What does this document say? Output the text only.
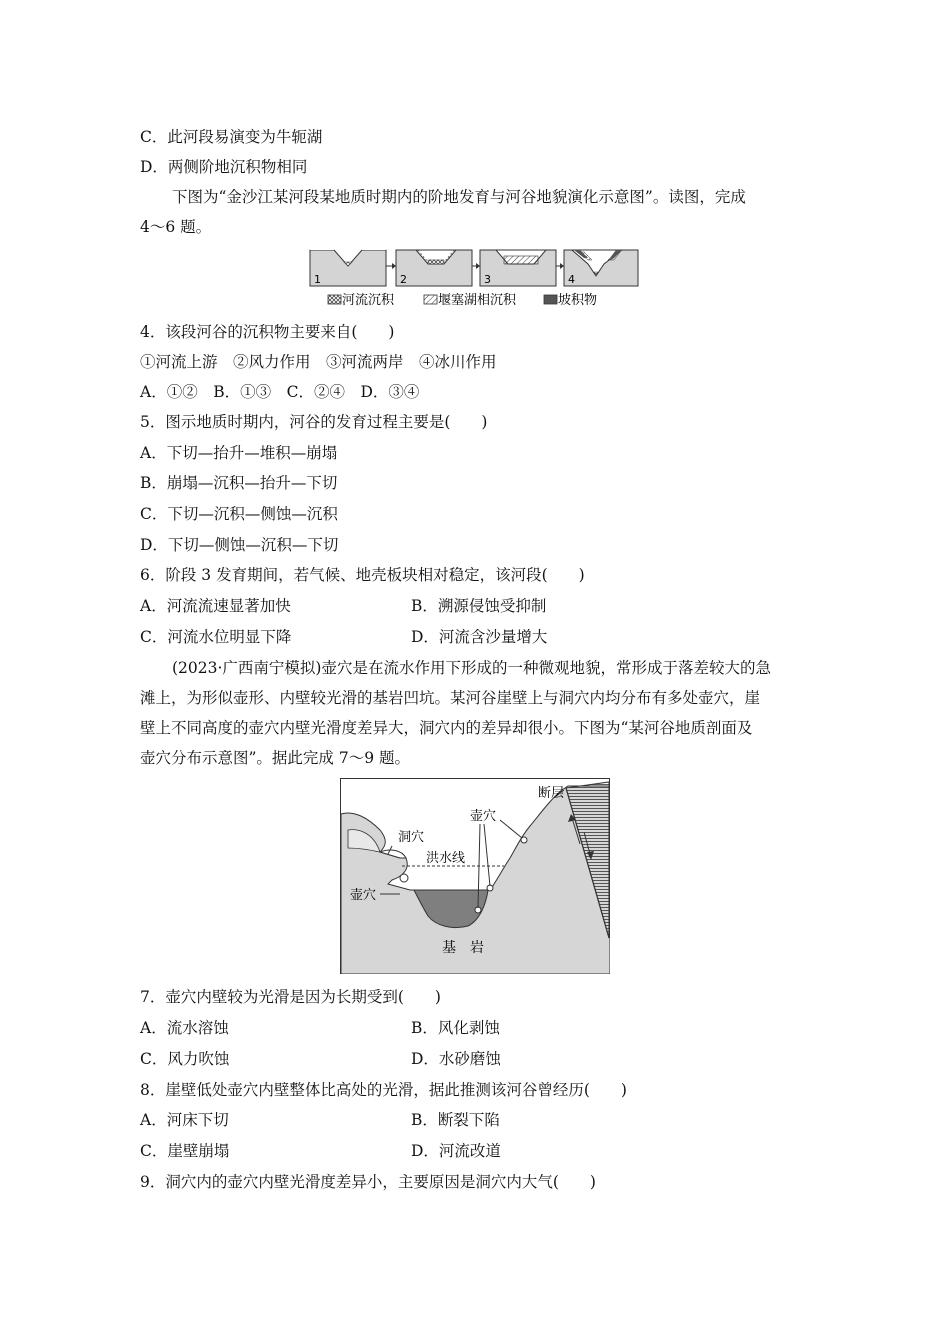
C．此河段易演变为牛轭湖
D．两侧阶地沉积物相同
下图为“金沙江某河段某地质时期内的阶地发育与河谷地貌演化示意图”。读图，完成
4～6 题。
1	2	3	4
河流沉积	堰塞湖相沉积	坡积物
4．该段河谷的沉积物主要来自(　　)
①河流上游　②风力作用　③河流两岸　④冰川作用
A．①②　B．①③　C．②④　D．③④
5．图示地质时期内，河谷的发育过程主要是(　　)
A．下切—抬升—堆积—崩塌
B．崩塌—沉积—抬升—下切
C．下切—沉积—侧蚀—沉积
D．下切—侧蚀—沉积—下切
6．阶段 3 发育期间，若气候、地壳板块相对稳定，该河段(　　)
A．河流流速显著加快	B．溯源侵蚀受抑制
C．河流水位明显下降	D．河流含沙量增大
(2023·广西南宁模拟)壶穴是在流水作用下形成的一种微观地貌，常形成于落差较大的急
滩上，为形似壶形、内壁较光滑的基岩凹坑。某河谷崖壁上与洞穴内均分布有多处壶穴，崖
壁上不同高度的壶穴内壁光滑度差异大，洞穴内的差异却很小。下图为“某河谷地质剖面及
壶穴分布示意图”。据此完成 7～9 题。
断层
壶穴
洞穴
洪水线
壶穴
基　岩
7．壶穴内壁较为光滑是因为长期受到(　　)
A．流水溶蚀	B．风化剥蚀
C．风力吹蚀	D．水砂磨蚀
8．崖壁低处壶穴内壁整体比高处的光滑，据此推测该河谷曾经历(　　)
A．河床下切	B．断裂下陷
C．崖壁崩塌	D．河流改道
9．洞穴内的壶穴内壁光滑度差异小，主要原因是洞穴内大气(　　)
